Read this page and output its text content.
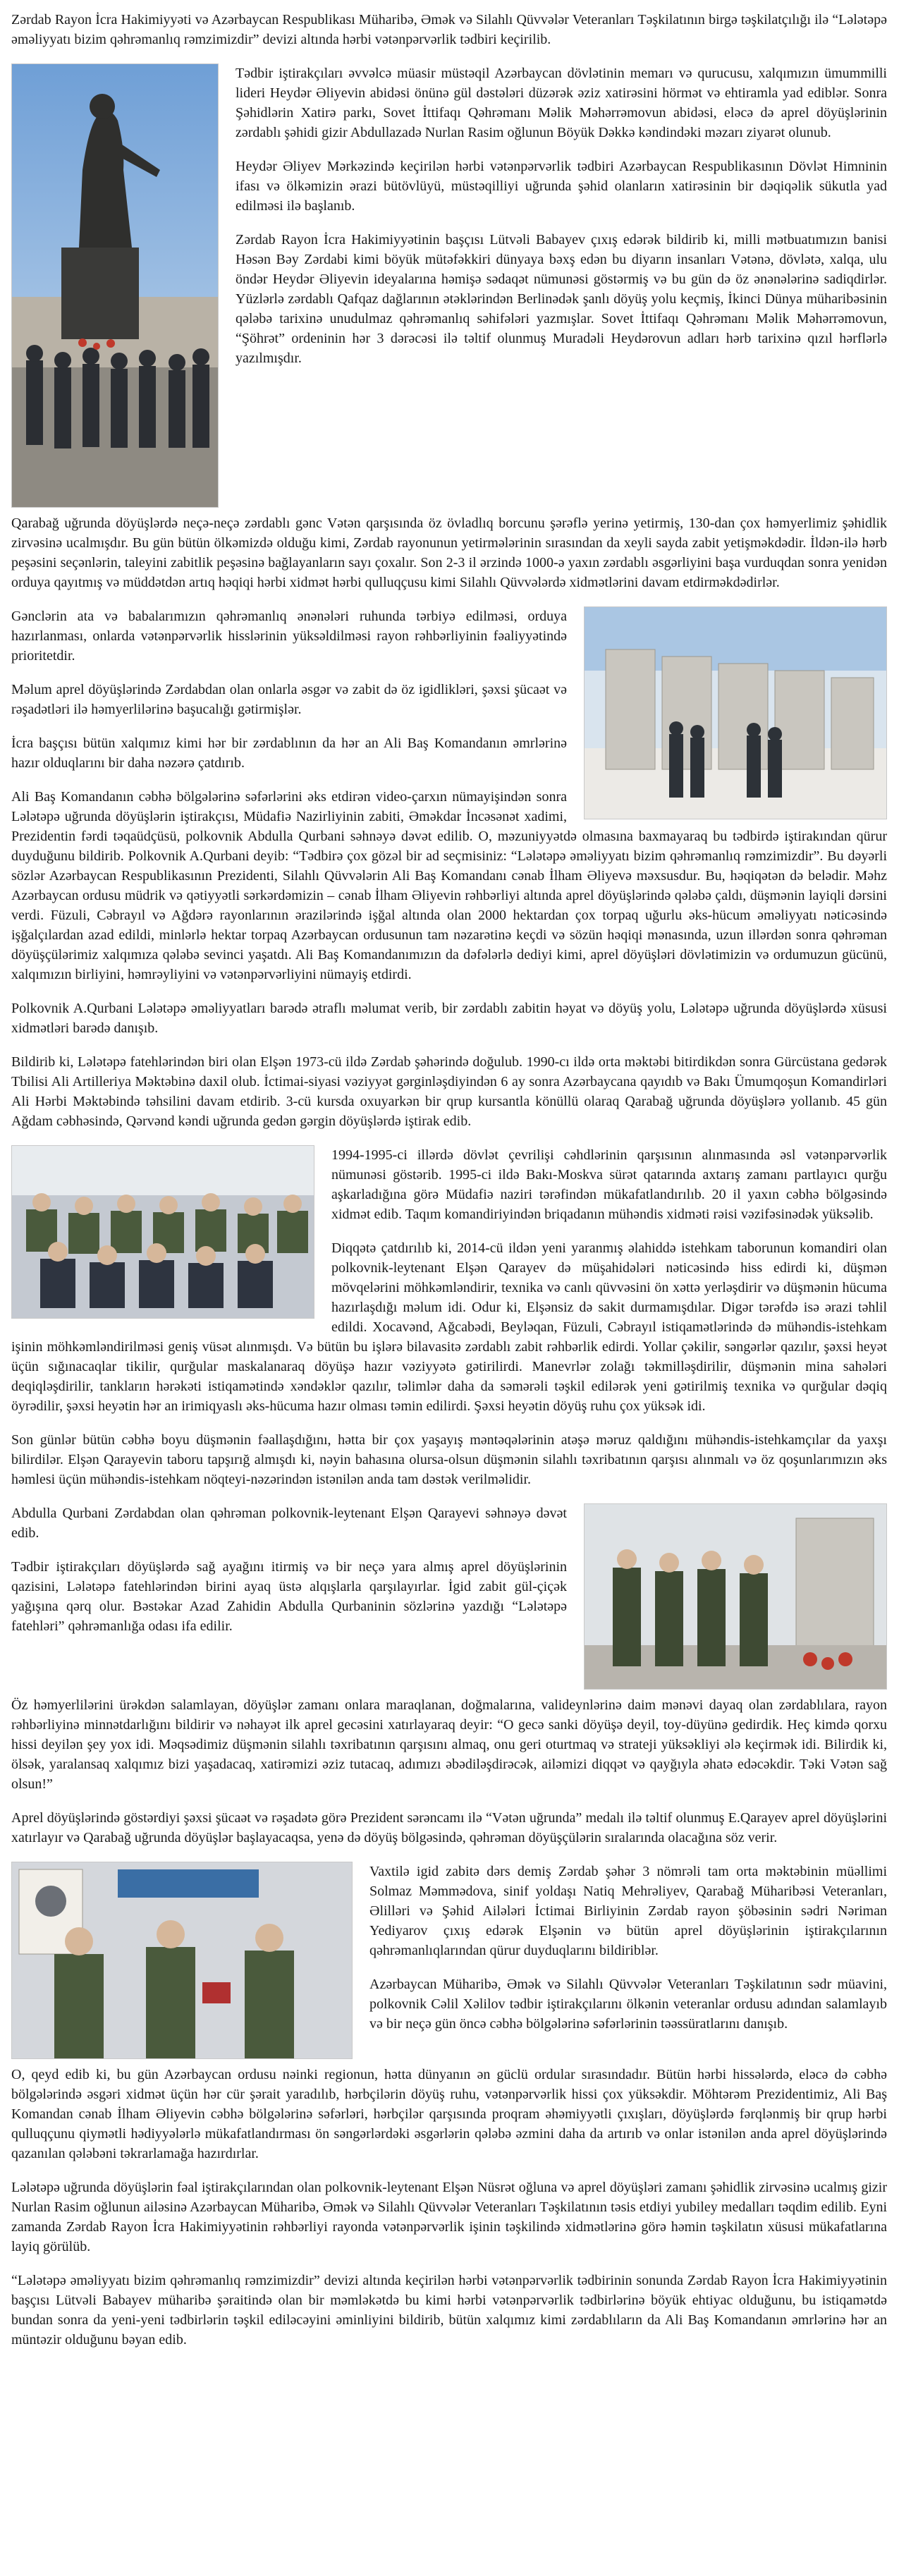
Zərdab Rayon İcra Hakimiyyəti və Azərbaycan Respublikası Müharibə, Əmək və Silahlı Qüvvələr Veteranları Təşkilatının birgə təşkilatçılığı ilə “Lələtəpə əməliyyatı bizim qəhrəmanlıq rəmzimizdir” devizi altında hərbi vətənpərvərlik tədbiri keçirilib.

Tədbir iştirakçıları əvvəlcə müasir müstəqil Azərbaycan dövlətinin memarı və qurucusu, xalqımızın ümummilli lideri Heydər Əliyevin abidəsi önünə gül dəstələri düzərək əziz xatirəsini hörmət və ehtiramla yad ediblər. Sonra Şəhidlərin Xatirə parkı, Sovet İttifaqı Qəhrəmanı Məlik Məhərrəmovun abidəsi, eləcə də aprel döyüşlərinin zərdablı şəhidi gizir Abdullazadə Nurlan Rasim oğlunun Böyük Dəkkə kəndindəki məzarı ziyarət olunub.

Heydər Əliyev Mərkəzində keçirilən hərbi vətənpərvərlik tədbiri Azərbaycan Respublikasının Dövlət Himninin ifası və ölkəmizin ərazi bütövlüyü, müstəqilliyi uğrunda şəhid olanların xatirəsinin bir dəqiqəlik sükutla yad edilməsi ilə başlanıb.

Zərdab Rayon İcra Hakimiyyətinin başçısı Lütvəli Babayev çıxış edərək bildirib ki, milli mətbuatımızın banisi Həsən Bəy Zərdabi kimi böyük mütəfəkkiri dünyaya bəxş edən bu diyarın insanları Vətənə, dövlətə, xalqa, ulu öndər Heydər Əliyevin ideyalarına həmişə sədaqət nümunəsi göstərmiş və bu gün də öz ənənələrinə sadiqdirlər. Yüzlərlə zərdablı Qafqaz dağlarının ətəklərindən Berlinədək şanlı döyüş yolu keçmiş, İkinci Dünya müharibəsinin qələbə tarixinə unudulmaz qəhrəmanlıq səhifələri yazmışlar. Sovet İttifaqı Qəhrəmanı Məlik Məhərrəmovun, “Şöhrət” ordeninin hər 3 dərəcəsi ilə təltif olunmuş Muradəli Heydərovun adları hərb tarixinə qızıl hərflərlə yazılmışdır.

Qarabağ uğrunda döyüşlərdə neçə-neçə zərdablı gənc Vətən qarşısında öz övladlıq borcunu şərəflə yerinə yetirmiş, 130-dan çox həmyerlimiz şəhidlik zirvəsinə ucalmışdır. Bu gün bütün ölkəmizdə olduğu kimi, Zərdab rayonunun yetirmələrinin sırasından da xeyli sayda zabit yetişməkdədir. İldən-ilə hərb peşəsini seçənlərin, taleyini zabitlik peşəsinə bağlayanların sayı çoxalır. Son 2-3 il ərzində 1000-ə yaxın zərdablı əsgərliyini başa vurduqdan sonra yenidən orduya qayıtmış və müddətdən artıq həqiqi hərbi xidmət hərbi qulluqçusu kimi Silahlı Qüvvələrdə xidmətlərini davam etdirməkdədirlər.

Gənclərin ata və babalarımızın qəhrəmanlıq ənənələri ruhunda tərbiyə edilməsi, orduya hazırlanması, onlarda vətənpərvərlik hisslərinin yüksəldilməsi rayon rəhbərliyinin fəaliyyətində prioritetdir.

Məlum aprel döyüşlərində Zərdabdan olan onlarla əsgər və zabit də öz igidlikləri, şəxsi şücaət və rəşadətləri ilə həmyerlilərinə başucalığı gətirmişlər.

İcra başçısı bütün xalqımız kimi hər bir zərdablının da hər an Ali Baş Komandanın əmrlərinə hazır olduqlarını bir daha nəzərə çatdırıb.

Ali Baş Komandanın cəbhə bölgələrinə səfərlərini əks etdirən video-çarxın nümayişindən sonra Lələtəpə uğrunda döyüşlərin iştirakçısı, Müdafiə Nazirliyinin zabiti, Əməkdar İncəsənət xadimi, Prezidentin fərdi təqaüdçüsü, polkovnik Abdulla Qurbani səhnəyə dəvət edilib. O, məzuniyyətdə olmasına baxmayaraq bu tədbirdə iştirakından qürur duyduğunu bildirib. Polkovnik A.Qurbani deyib: “Tədbirə çox gözəl bir ad seçmisiniz: “Lələtəpə əməliyyatı bizim qəhrəmanlıq rəmzimizdir”. Bu dəyərli sözlər Azərbaycan Respublikasının Prezidenti, Silahlı Qüvvələrin Ali Baş Komandanı cənab İlham Əliyevə məxsusdur. Bu, həqiqətən də belədir. Məhz Azərbaycan ordusu müdrik və qətiyyətli sərkərdəmizin – cənab İlham Əliyevin rəhbərliyi altında aprel döyüşlərində qələbə çaldı, düşmənin layiqli dərsini verdi. Füzuli, Cəbrayıl və Ağdərə rayonlarının ərazilərində işğal altında olan 2000 hektardan çox torpaq uğurlu əks-hücum əməliyyatı nəticəsində işğalçılardan azad edildi, minlərlə hektar torpaq Azərbaycan ordusunun tam nəzarətinə keçdi və sözün həqiqi mənasında, uzun illərdən sonra qəhrəman döyüşçülərimiz xalqımıza qələbə sevinci yaşatdı. Ali Baş Komandanımızın da dəfələrlə dediyi kimi, aprel döyüşləri dövlətimizin və ordumuzun gücünü, xalqımızın birliyini, həmrəyliyini və vətənpərvərliyini nümayiş etdirdi.

Polkovnik A.Qurbani Lələtəpə əməliyyatları barədə ətraflı məlumat verib, bir zərdablı zabitin həyat və döyüş yolu, Lələtəpə uğrunda döyüşlərdə xüsusi xidmətləri barədə danışıb.

Bildirib ki, Lələtəpə fatehlərindən biri olan Elşən 1973-cü ildə Zərdab şəhərində doğulub. 1990-cı ildə orta məktəbi bitirdikdən sonra Gürcüstana gedərək Tbilisi Ali Artilleriya Məktəbinə daxil olub. İctimai-siyasi vəziyyət gərginləşdiyindən 6 ay sonra Azərbaycana qayıdıb və Bakı Ümumqoşun Komandirləri Ali Hərbi Məktəbində təhsilini davam etdirib. 3-cü kursda oxuyarkən bir qrup kursantla könüllü olaraq Qarabağ uğrunda döyüşlərə yollanıb. 45 gün Ağdam cəbhəsində, Qərvənd kəndi uğrunda gedən gərgin döyüşlərdə iştirak edib.

1994-1995-ci illərdə dövlət çevrilişi cəhdlərinin qarşısının alınmasında əsl vətənpərvərlik nümunəsi göstərib. 1995-ci ildə Bakı-Moskva sürət qatarında axtarış zamanı partlayıcı qurğu aşkarladığına görə Müdafiə naziri tərəfindən mükafatlandırılıb. 20 il yaxın cəbhə bölgəsində xidmət edib. Taqım komandiriyindən briqadanın mühəndis xidməti rəisi vəzifəsinədək yüksəlib.

Diqqətə çatdırılıb ki, 2014-cü ildən yeni yaranmış əlahiddə istehkam taborunun komandiri olan polkovnik-leytenant Elşən Qarayev də müşahidələri nəticəsində hiss edirdi ki, düşmən mövqelərini möhkəmləndirir, texnika və canlı qüvvəsini ön xəttə yerləşdirir və düşmənin hücuma hazırlaşdığı məlum idi. Odur ki, Elşənsiz də sakit durmamışdılar. Digər tərəfdə isə ərazi təhlil edildi. Xocavənd, Ağcabədi, Beyləqan, Füzuli, Cəbrayıl istiqamətlərində də mühəndis-istehkam işinin möhkəmləndirilməsi geniş vüsət alınmışdı. Və bütün bu işlərə bilavasitə zərdablı zabit rəhbərlik edirdi. Yollar çəkilir, səngərlər qazılır, şəxsi heyət üçün sığınacaqlar tikilir, qurğular maskalanaraq döyüşə hazır vəziyyətə gətirilirdi. Manevrlər zolağı təkmilləşdirilir, düşmənin mina sahələri deqiqləşdirilir, tankların hərəkəti istiqamətində xəndəklər qazılır, təlimlər daha da səmərəli təşkil edilərək yeni gətirilmiş texnika və qurğular dəqiq öyrədilir, şəxsi heyətin hər an irimiqyaslı əks-hücuma hazır olması təmin edilirdi. Şəxsi heyətin döyüş ruhu çox yüksək idi.

Son günlər bütün cəbhə boyu düşmənin fəallaşdığını, hətta bir çox yaşayış məntəqələrinin atəşə məruz qaldığını mühəndis-istehkamçılar da yaxşı bilirdilər. Elşən Qarayevin taboru tapşırığ almışdı ki, nəyin bahasına olursa-olsun düşmənin silahlı təxribatının qarşısı alınmalı və öz qoşunlarımızın əks həmlesi üçün mühəndis-istehkam nöqteyi-nəzərindən istənilən anda tam dəstək verilməlidir.

Abdulla Qurbani Zərdabdan olan qəhrəman polkovnik-leytenant Elşən Qarayevi səhnəyə dəvət edib.

Tədbir iştirakçıları döyüşlərdə sağ ayağını itirmiş və bir neçə yara almış aprel döyüşlərinin qazisini, Lələtəpə fatehlərindən birini ayaq üstə alqışlarla qarşılayırlar. İgid zabit gül-çiçək yağışına qərq olur. Bəstəkar Azad Zahidin Abdulla Qurbaninin sözlərinə yazdığı “Lələtəpə fatehləri” qəhrəmanlığa odası ifa edilir.

Öz həmyerlilərini ürəkdən salamlayan, döyüşlər zamanı onlara maraqlanan, doğmalarına, valideynlərinə daim mənəvi dayaq olan zərdablılara, rayon rəhbərliyinə minnətdarlığını bildirir və nəhayət ilk aprel gecəsini xatırlayaraq deyir: “O gecə sanki döyüşə deyil, toy-düyünə gedirdik. Heç kimdə qorxu hissi deyilən şey yox idi. Məqsədimiz düşmənin silahlı təxribatının qarşısını almaq, onu geri oturtmaq və strateji yüksəkliyi ələ keçirmək idi. Bilirdik ki, ölsək, yaralansaq xalqımız bizi yaşadacaq, xatirəmizi əziz tutacaq, adımızı əbədiləşdirəcək, ailəmizi diqqət və qayğıyla əhatə edəcəkdir. Təki Vətən sağ olsun!”

Aprel döyüşlərində göstərdiyi şəxsi şücaət və rəşadətə görə Prezident sərəncamı ilə “Vətən uğrunda” medalı ilə təltif olunmuş E.Qarayev aprel döyüşlərini xatırlayır və Qarabağ uğrunda döyüşlər başlayacaqsa, yenə də döyüş bölgəsində, qəhrəman döyüşçülərin sıralarında olacağına söz verir.

Vaxtilə igid zabitə dərs demiş Zərdab şəhər 3 nömrəli tam orta məktəbinin müəllimi Solmaz Məmmədova, sinif yoldaşı Natiq Mehrəliyev, Qarabağ Müharibəsi Veteranları, Əlilləri və Şəhid Ailələri İctimai Birliyinin Zərdab rayon şöbəsinin sədri Nəriman Yediyarov çıxış edərək Elşənin və bütün aprel döyüşlərinin iştirakçılarının qəhrəmanlıqlarından qürur duyduqlarını bildiriblər.

Azərbaycan Müharibə, Əmək və Silahlı Qüvvələr Veteranları Təşkilatının sədr müavini, polkovnik Cəlil Xəlilov tədbir iştirakçılarını ölkənin veteranlar ordusu adından salamlayıb və bir neçə gün öncə cəbhə bölgələrinə səfərlərinin təəssüratlarını danışıb.

O, qeyd edib ki, bu gün Azərbaycan ordusu nəinki regionun, hətta dünyanın ən güclü ordular sırasındadır. Bütün hərbi hissələrdə, eləcə də cəbhə bölgələrində əsgəri xidmət üçün hər cür şərait yaradılıb, hərbçilərin döyüş ruhu, vətənpərvərlik hissi çox yüksəkdir. Möhtərəm Prezidentimiz, Ali Baş Komandan cənab İlham Əliyevin cəbhə bölgələrinə səfərləri, hərbçilər qarşısında proqram əhəmiyyətli çıxışları, döyüşlərdə fərqlənmiş bir qrup hərbi qulluqçunu qiymətli hədiyyələrlə mükafatlandırması ön səngərlərdəki əsgərlərin qələbə əzmini daha da artırıb və onlar istənilən anda aprel döyüşlərində qazanılan qələbəni təkrarlamağa hazırdırlar.

Lələtəpə uğrunda döyüşlərin fəal iştirakçılarından olan polkovnik-leytenant Elşən Nüsrət oğluna və aprel döyüşləri zamanı şəhidlik zirvəsinə ucalmış gizir Nurlan Rasim oğlunun ailəsinə Azərbaycan Müharibə, Əmək və Silahlı Qüvvələr Veteranları Təşkilatının təsis etdiyi yubiley medalları təqdim edilib. Eyni zamanda Zərdab Rayon İcra Hakimiyyətinin rəhbərliyi rayonda vətənpərvərlik işinin təşkilində xidmətlərinə görə həmin təşkilatın xüsusi mükafatlarına layiq görülüb.

“Lələtəpə əməliyyatı bizim qəhrəmanlıq rəmzimizdir” devizi altında keçirilən hərbi vətənpərvərlik tədbirinin sonunda Zərdab Rayon İcra Hakimiyyətinin başçısı Lütvəli Babayev müharibə şəraitində olan bir məmləkətdə bu kimi hərbi vətənpərvərlik tədbirlərinə böyük ehtiyac olduğunu, bu istiqamətdə bundan sonra da yeni-yeni tədbirlərin təşkil ediləcəyini əminliyini bildirib, bütün xalqımız kimi zərdablıların da Ali Baş Komandanın əmrlərinə hər an müntəzir olduğunu bəyan edib.
